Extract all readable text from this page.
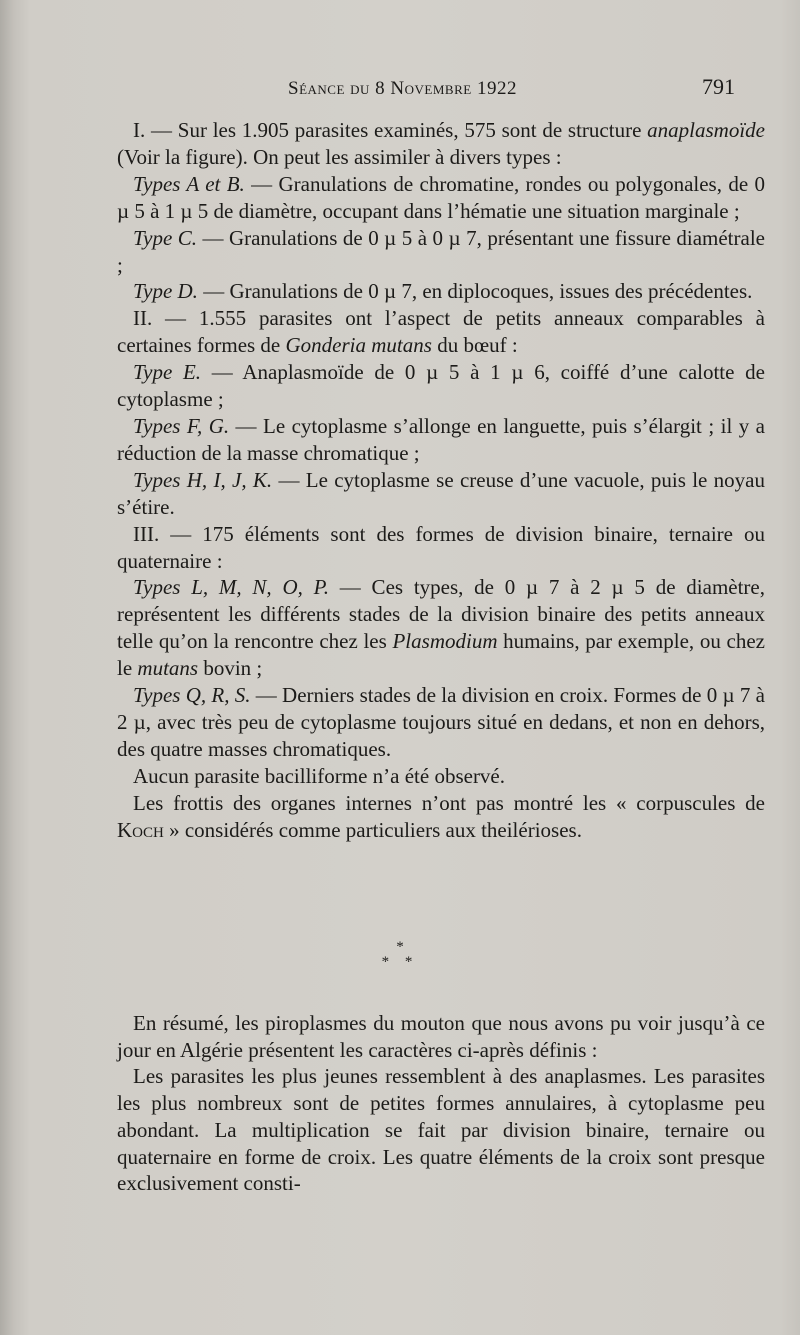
Séance du 8 Novembre 1922	791

I. — Sur les 1.905 parasites examinés, 575 sont de structure anaplasmoïde (Voir la figure). On peut les assimiler à divers types :

Types A et B. — Granulations de chromatine, rondes ou polygonales, de 0 µ 5 à 1 µ 5 de diamètre, occupant dans l’hématie une situation marginale ;

Type C. — Granulations de 0 µ 5 à 0 µ 7, présentant une fissure diamétrale ;

Type D. — Granulations de 0 µ 7, en diplocoques, issues des précédentes.

II. — 1.555 parasites ont l’aspect de petits anneaux comparables à certaines formes de Gonderia mutans du bœuf :

Type E. — Anaplasmoïde de 0 µ 5 à 1 µ 6, coiffé d’une calotte de cytoplasme ;

Types F, G. — Le cytoplasme s’allonge en languette, puis s’élargit ; il y a réduction de la masse chromatique ;

Types H, I, J, K. — Le cytoplasme se creuse d’une vacuole, puis le noyau s’étire.

III. — 175 éléments sont des formes de division binaire, ternaire ou quaternaire :

Types L, M, N, O, P. — Ces types, de 0 µ 7 à 2 µ 5 de diamètre, représentent les différents stades de la division binaire des petits anneaux telle qu’on la rencontre chez les Plasmodium humains, par exemple, ou chez le mutans bovin ;

Types Q, R, S. — Derniers stades de la division en croix. Formes de 0 µ 7 à 2 µ, avec très peu de cytoplasme toujours situé en dedans, et non en dehors, des quatre masses chromatiques.

Aucun parasite bacilliforme n’a été observé.

Les frottis des organes internes n’ont pas montré les « corpuscules de Koch » considérés comme particuliers aux theilérioses.

*
* *

En résumé, les piroplasmes du mouton que nous avons pu voir jusqu’à ce jour en Algérie présentent les caractères ci-après définis :

Les parasites les plus jeunes ressemblent à des anaplasmes. Les parasites les plus nombreux sont de petites formes annulaires, à cytoplasme peu abondant. La multiplication se fait par division binaire, ternaire ou quaternaire en forme de croix. Les quatre éléments de la croix sont presque exclusivement consti-
